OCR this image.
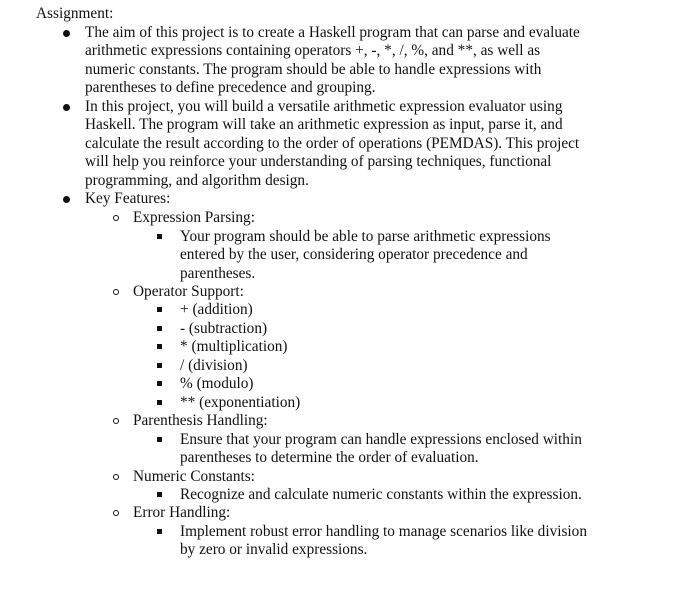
Assignment:
The aim of this project is to create a Haskell program that can parse and evaluate
arithmetic expressions containing operators +, -, *, /, %, and **, as well as
numeric constants. The program should be able to handle expressions with
parentheses to define precedence and grouping.
In this project, you will build a versatile arithmetic expression evaluator using
Haskell. The program will take an arithmetic expression as input, parse it, and
calculate the result according to the order of operations (PEMDAS). This project
will help you reinforce your understanding of parsing techniques, functional
programming, and algorithm design.
Key Features:
Expression Parsing:
Your program should be able to parse arithmetic expressions
entered by the user, considering operator precedence and
parentheses.
Operator Support:
+ (addition)
- (subtraction)
* (multiplication)
/ (division)
% (modulo)
** (exponentiation)
Parenthesis Handling:
Ensure that your program can handle expressions enclosed within
parentheses to determine the order of evaluation.
Numeric Constants:
Recognize and calculate numeric constants within the expression.
Error Handling:
Implement robust error handling to manage scenarios like division
by zero or invalid expressions.
